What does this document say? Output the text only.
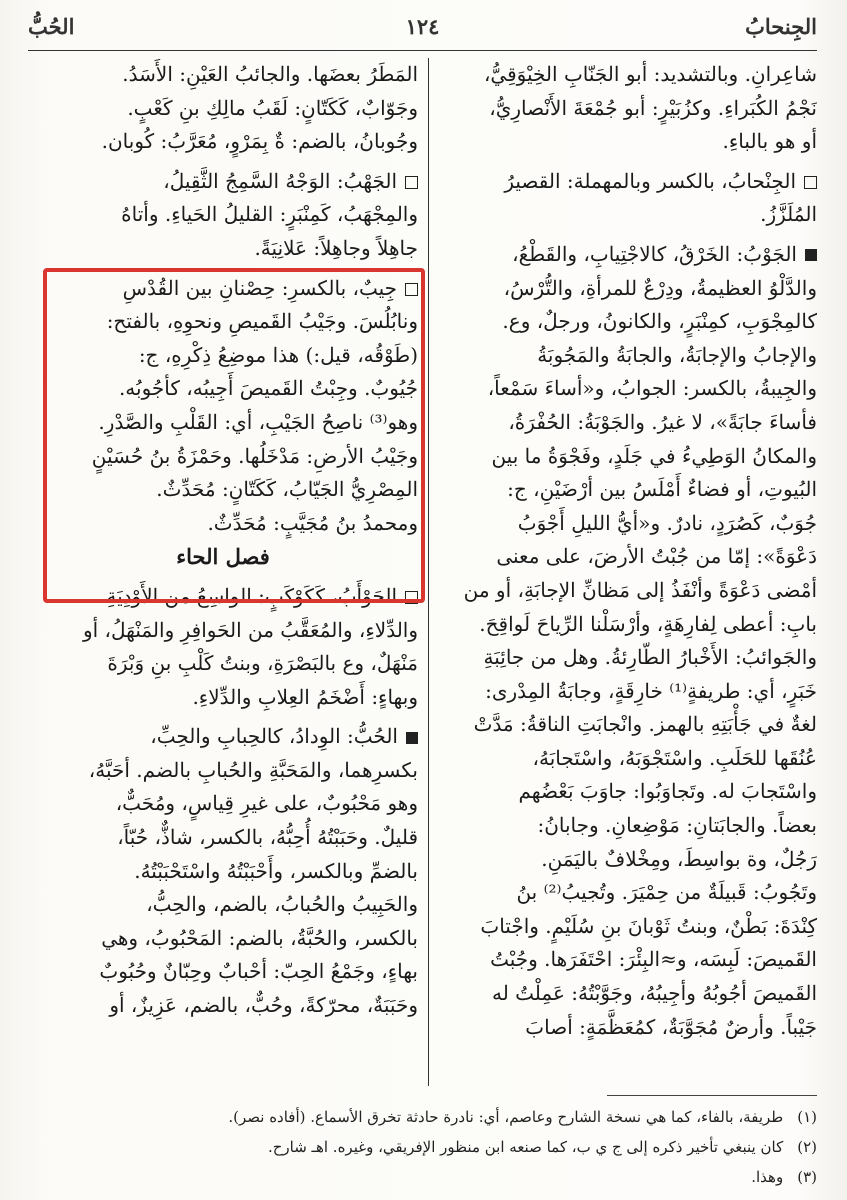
الجِنحابُ
١٢٤
الحُبُّ

شاعِرانِ. وبالتشديد: أبو الجَنّابِ الخِيْوَقِيُّ،

نَجْمُ الكُبَراءِ. وكزُبَيْرٍ: أبو جُمْعَةَ الأَنْصارِيُّ،

أو هو بالباءِ.

الجِنْحابُ، بالكسر وبالمهملة: القصيرُ

المُلَزَّزُ.

الجَوْبُ: الخَرْقُ، كالاجْتِيابِ، والقَطْعُ،

والدَّلْوُ العظيمةُ، ودِرْعٌ للمرأةِ، والتُّرْسُ،

كالمِجْوَبِ، كمِنْبَرٍ، والكانونُ، ورجلٌ، وع.

والإجابُ والإجابَةُ، والجابَةُ والمَجُوبَةُ

والجِيبةُ، بالكسر: الجوابُ، و«أساءَ سَمْعاً،

فأساءَ جابَةً»، لا غيرُ. والجَوْبَةُ: الحُفْرَةُ،

والمكانُ الوَطِيءُ في جَلَدٍ، وفَجْوَةُ ما بين

البُيوتِ، أو فضاءٌ أَمْلَسُ بين أرْضَيْنِ، ج:

جُوَبٌ، كَصُرَدٍ، نادرٌ. و«أيُّ الليلِ أَجْوَبُ

دَعْوَةً»: إمّا من جُبْتُ الأرضَ، على معنى

أمْضى دَعْوَةً وأنْفَذُ إلى مَظانِّ الإجابَةِ، أو من

بابِ: أعطى لِفارِهَةٍ، وأرْسَلْنا الرِّياحَ لَواقِحَ.

والجَوائبُ: الأَخْبارُ الطّارِئةُ. وهل من جائِبَةِ

خَبَرٍ، أي: طريفةٍ⁽¹⁾ خارِقَةٍ، وجابَةُ المِدْرى:

لغةٌ في جَأْبَتِهِ بالهمز. وانْجابَتِ الناقةُ: مَدَّتْ

عُنُقَها للحَلَبِ. واسْتَجْوَبَهُ، واسْتَجابَهُ،

واسْتَجابَ له. وتَجاوَبُوا: جاوَبَ بَعْضُهم

بعضاً. والجابَتانِ: مَوْضِعانِ. وجابانُ:

رَجُلٌ، وة بواسِطَ، ومِخْلافٌ باليَمَنِ.

وتَجُوبُ: قَبيلَةٌ من حِمْيَرَ. وتُجيبُ⁽²⁾ بنُ

كِنْدَةَ: بَطْنٌ، وبنتُ ثَوْبانَ بنِ سُلَيْمٍ. واجْتابَ

القَميصَ: لَبِسَه، و≈البِئْرَ: احْتَفَرَها. وجُبْتُ

القَميصَ أجُوبُهُ وأجِيبُهُ، وجَوَّبْتُهُ: عَمِلْتُ له

جَيْباً. وأرضٌ مُجَوَّبَةٌ، كمُعَظَّمَةٍ: أصابَ

المَطَرُ بعضَها. والجائبُ العَيْنِ: الأَسَدُ.

وجَوّابٌ، كَكَتّانٍ: لَقَبُ مالِكِ بنِ كَعْبٍ.

وجُوبانُ، بالضم: ةٌ بِمَرْوٍ، مُعَرَّبُ: كُوبان.

الجَهْبُ: الوَجْهُ السَّمِجُ الثَّقِيلُ،

والمِجْهَبُ، كَمِنْبَرٍ: القليلُ الحَياءِ. وأتاهُ

جاهِلاً وجاهِلاً: عَلانِيَةً.

جِيبٌ، بالكسرِ: حِصْنانِ بين القُدْسِ

ونابُلُسَ. وجَيْبُ القَميصِ ونحوِهِ، بالفتح:

(طَوْقُه، قيل:) هذا موضِعُ ذِكْرِهِ، ج:

جُيُوبٌ. وجِبْتُ القَميصَ أَجِيبُه، كأجُوبُه.

وهو⁽³⁾ ناصِحُ الجَيْبِ، أي: القَلْبِ والصَّدْرِ.

وجَيْبُ الأرضِ: مَدْخَلُها. وحَمْزَةُ بنُ حُسَيْنٍ

المِصْرِيُّ الجَيّابُ، كَكَتّانٍ: مُحَدِّثٌ.

ومحمدُ بنُ مُجَيَّبٍ: مُحَدِّثٌ.

فصل الحاء

الحَوْأَبُ، كَكَوْكَبٍ: الواسِعُ من الأَوْدِيَةِ

والدِّلاءِ، والمُعَقَّبُ من الحَوافِرِ والمَنْهَلُ، أو

مَنْهَلٌ، وع بالبَصْرَةِ، وبنتُ كَلْبِ بنِ وَبْرَةَ

وبهاءٍ: أَضْخَمُ العِلابِ والدِّلاءِ.

الحُبُّ: الوِدادُ، كالحِبابِ والحِبِّ،

بكسرِهما، والمَحَبَّةِ والحُبابِ بالضم. أحَبَّهُ،

وهو مَحْبُوبٌ، على غيرِ قِياسٍ، ومُحَبٌّ،

قليلٌ. وحَبَبْتُهُ أُحِبُّهُ، بالكسر، شاذٌّ، حُبّاً،

بالضمِّ وبالكسر، وأَحْبَبْتُهُ واسْتَحْبَبْتُهُ.

والحَبِيبُ والحُبابُ، بالضم، والحِبُّ،

بالكسر، والحُبَّةُ، بالضم: المَحْبُوبُ، وهي

بهاءٍ، وجَمْعُ الحِبّ: أحْبابٌ وحِبّانٌ وحُبُوبٌ

وحَبَبَةٌ، محرّكةً، وحُبٌّ، بالضم، عَزِيزٌ، أو

(١)طريفة، بالفاء، كما هي نسخة الشارح وعاصم، أي: نادرة حادثة تخرق الأسماع. (أفاده نصر).

(٢)كان ينبغي تأخير ذكره إلى ج ي ب، كما صنعه ابن منظور الإفريقي، وغيره. اهـ شارح.

(٣)وهذا.
